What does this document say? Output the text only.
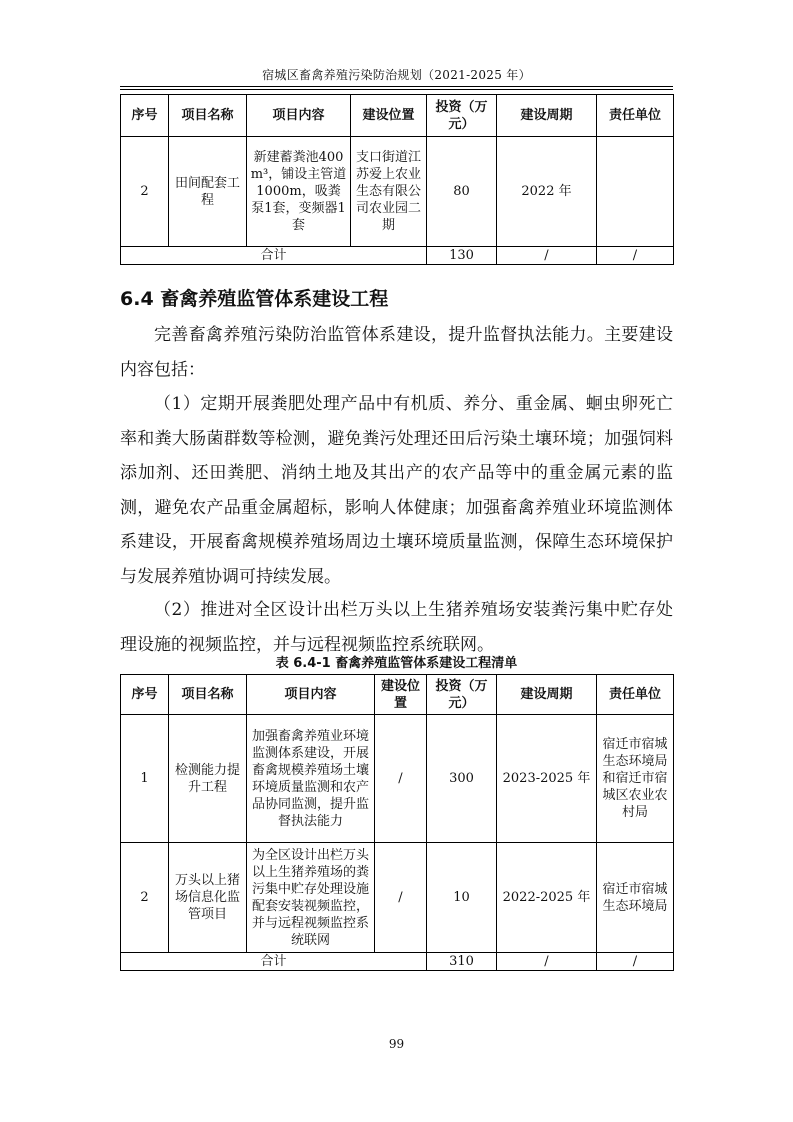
宿城区畜禽养殖污染防治规划（2021-2025 年）
序号	项目名称	项目内容	建设位置	投资（万元）	建设周期	责任单位
2	田间配套工程	新建蓄粪池400m³，铺设主管道1000m，吸粪泵1套，变频器1套	支口街道江苏爱上农业生态有限公司农业园二期	80	2022 年	
合计				130	/	/
6.4 畜禽养殖监管体系建设工程

完善畜禽养殖污染防治监管体系建设，提升监督执法能力。主要建设内容包括：

（1）定期开展粪肥处理产品中有机质、养分、重金属、蛔虫卵死亡率和粪大肠菌群数等检测，避免粪污处理还田后污染土壤环境；加强饲料添加剂、还田粪肥、消纳土地及其出产的农产品等中的重金属元素的监测，避免农产品重金属超标，影响人体健康；加强畜禽养殖业环境监测体系建设，开展畜禽规模养殖场周边土壤环境质量监测，保障生态环境保护与发展养殖协调可持续发展。

（2）推进对全区设计出栏万头以上生猪养殖场安装粪污集中贮存处理设施的视频监控，并与远程视频监控系统联网。

表 6.4-1 畜禽养殖监管体系建设工程清单
序号	项目名称	项目内容	建设位置	投资（万元）	建设周期	责任单位
1	检测能力提升工程	加强畜禽养殖业环境监测体系建设，开展畜禽规模养殖场土壤环境质量监测和农产品协同监测，提升监督执法能力	/	300	2023-2025 年	宿迁市宿城生态环境局和宿迁市宿城区农业农村局
2	万头以上猪场信息化监管项目	为全区设计出栏万头以上生猪养殖场的粪污集中贮存处理设施配套安装视频监控，并与远程视频监控系统联网	/	10	2022-2025 年	宿迁市宿城生态环境局
合计				310	/	/
99
